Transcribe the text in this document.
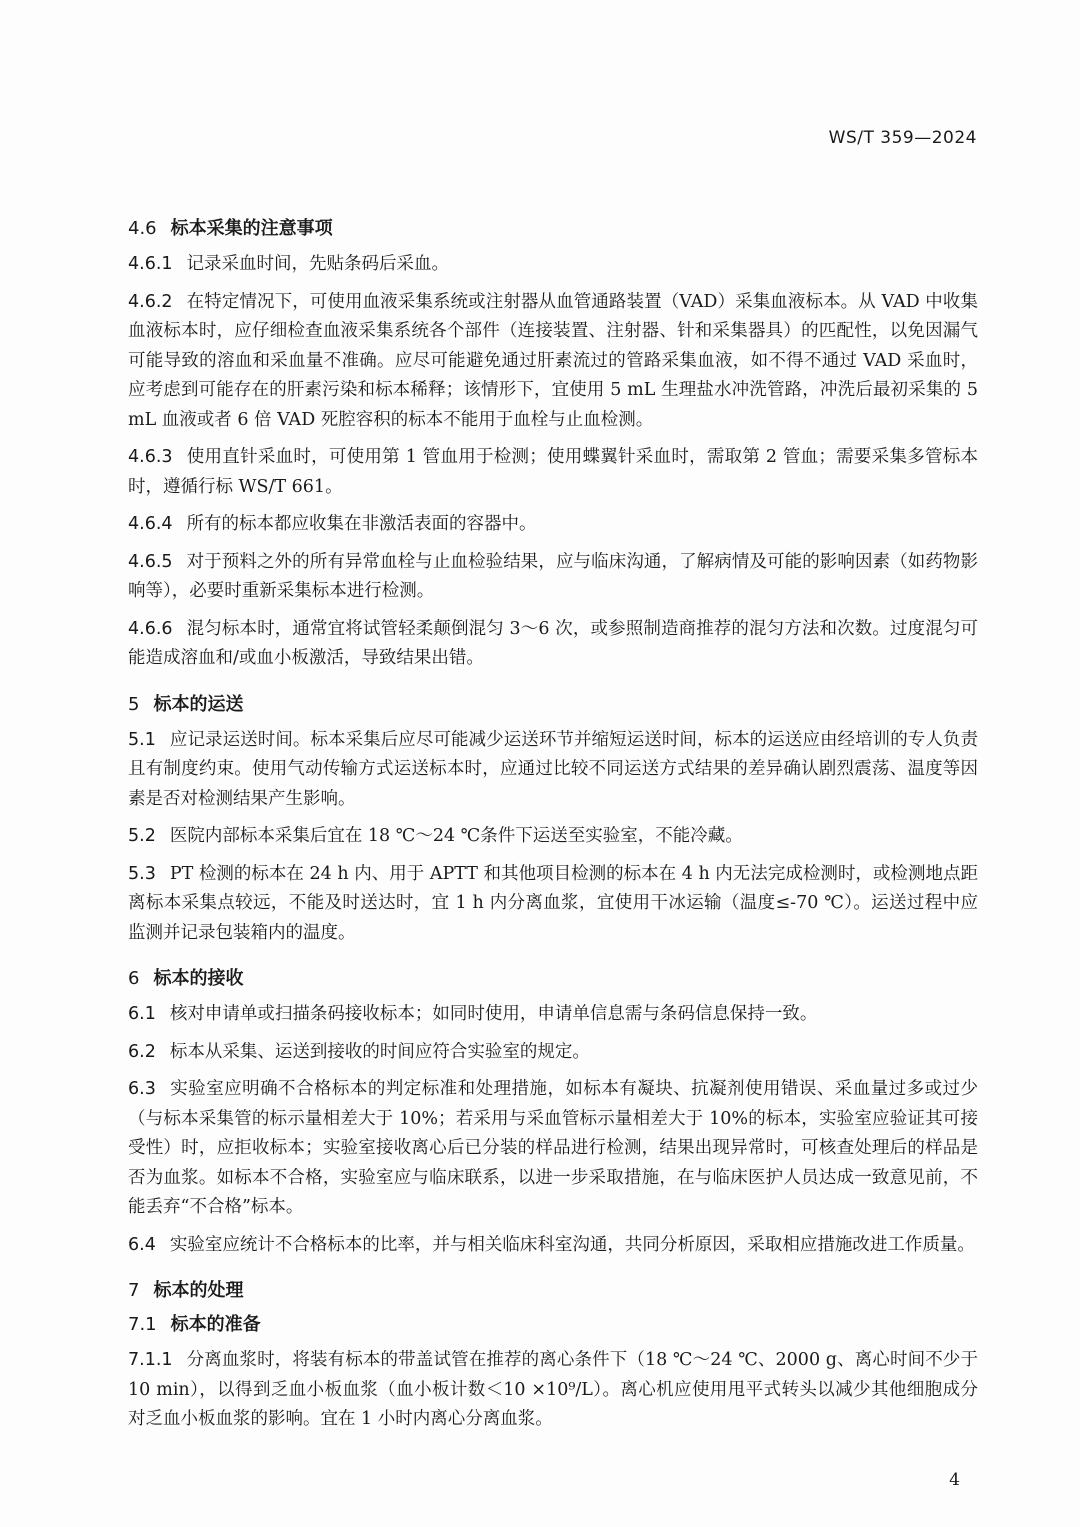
WS/T 359—2024
4.6 标本采集的注意事项
4.6.1 记录采血时间，先贴条码后采血。
4.6.2 在特定情况下，可使用血液采集系统或注射器从血管通路装置（VAD）采集血液标本。从 VAD 中收集血液标本时，应仔细检查血液采集系统各个部件（连接装置、注射器、针和采集器具）的匹配性，以免因漏气可能导致的溶血和采血量不准确。应尽可能避免通过肝素流过的管路采集血液，如不得不通过 VAD 采血时，应考虑到可能存在的肝素污染和标本稀释；该情形下，宜使用 5 mL 生理盐水冲洗管路，冲洗后最初采集的 5 mL 血液或者 6 倍 VAD 死腔容积的标本不能用于血栓与止血检测。
4.6.3 使用直针采血时，可使用第 1 管血用于检测；使用蝶翼针采血时，需取第 2 管血；需要采集多管标本时，遵循行标 WS/T 661。
4.6.4 所有的标本都应收集在非激活表面的容器中。
4.6.5 对于预料之外的所有异常血栓与止血检验结果，应与临床沟通，了解病情及可能的影响因素（如药物影响等），必要时重新采集标本进行检测。
4.6.6 混匀标本时，通常宜将试管轻柔颠倒混匀 3～6 次，或参照制造商推荐的混匀方法和次数。过度混匀可能造成溶血和/或血小板激活，导致结果出错。
5 标本的运送
5.1 应记录运送时间。标本采集后应尽可能减少运送环节并缩短运送时间，标本的运送应由经培训的专人负责且有制度约束。使用气动传输方式运送标本时，应通过比较不同运送方式结果的差异确认剧烈震荡、温度等因素是否对检测结果产生影响。
5.2 医院内部标本采集后宜在 18 ℃～24 ℃条件下运送至实验室，不能冷藏。
5.3 PT 检测的标本在 24 h 内、用于 APTT 和其他项目检测的标本在 4 h 内无法完成检测时，或检测地点距离标本采集点较远，不能及时送达时，宜 1 h 内分离血浆，宜使用干冰运输（温度≤-70 ℃）。运送过程中应监测并记录包装箱内的温度。
6 标本的接收
6.1 核对申请单或扫描条码接收标本；如同时使用，申请单信息需与条码信息保持一致。
6.2 标本从采集、运送到接收的时间应符合实验室的规定。
6.3 实验室应明确不合格标本的判定标准和处理措施，如标本有凝块、抗凝剂使用错误、采血量过多或过少（与标本采集管的标示量相差大于 10%；若采用与采血管标示量相差大于 10%的标本，实验室应验证其可接受性）时，应拒收标本；实验室接收离心后已分装的样品进行检测，结果出现异常时，可核查处理后的样品是否为血浆。如标本不合格，实验室应与临床联系，以进一步采取措施，在与临床医护人员达成一致意见前，不能丢弃“不合格”标本。
6.4 实验室应统计不合格标本的比率，并与相关临床科室沟通，共同分析原因，采取相应措施改进工作质量。
7 标本的处理
7.1 标本的准备
7.1.1 分离血浆时，将装有标本的带盖试管在推荐的离心条件下（18 ℃～24 ℃、2000 g、离心时间不少于 10 min），以得到乏血小板血浆（血小板计数＜10 ×10⁹/L）。离心机应使用甩平式转头以减少其他细胞成分对乏血小板血浆的影响。宜在 1 小时内离心分离血浆。
4
